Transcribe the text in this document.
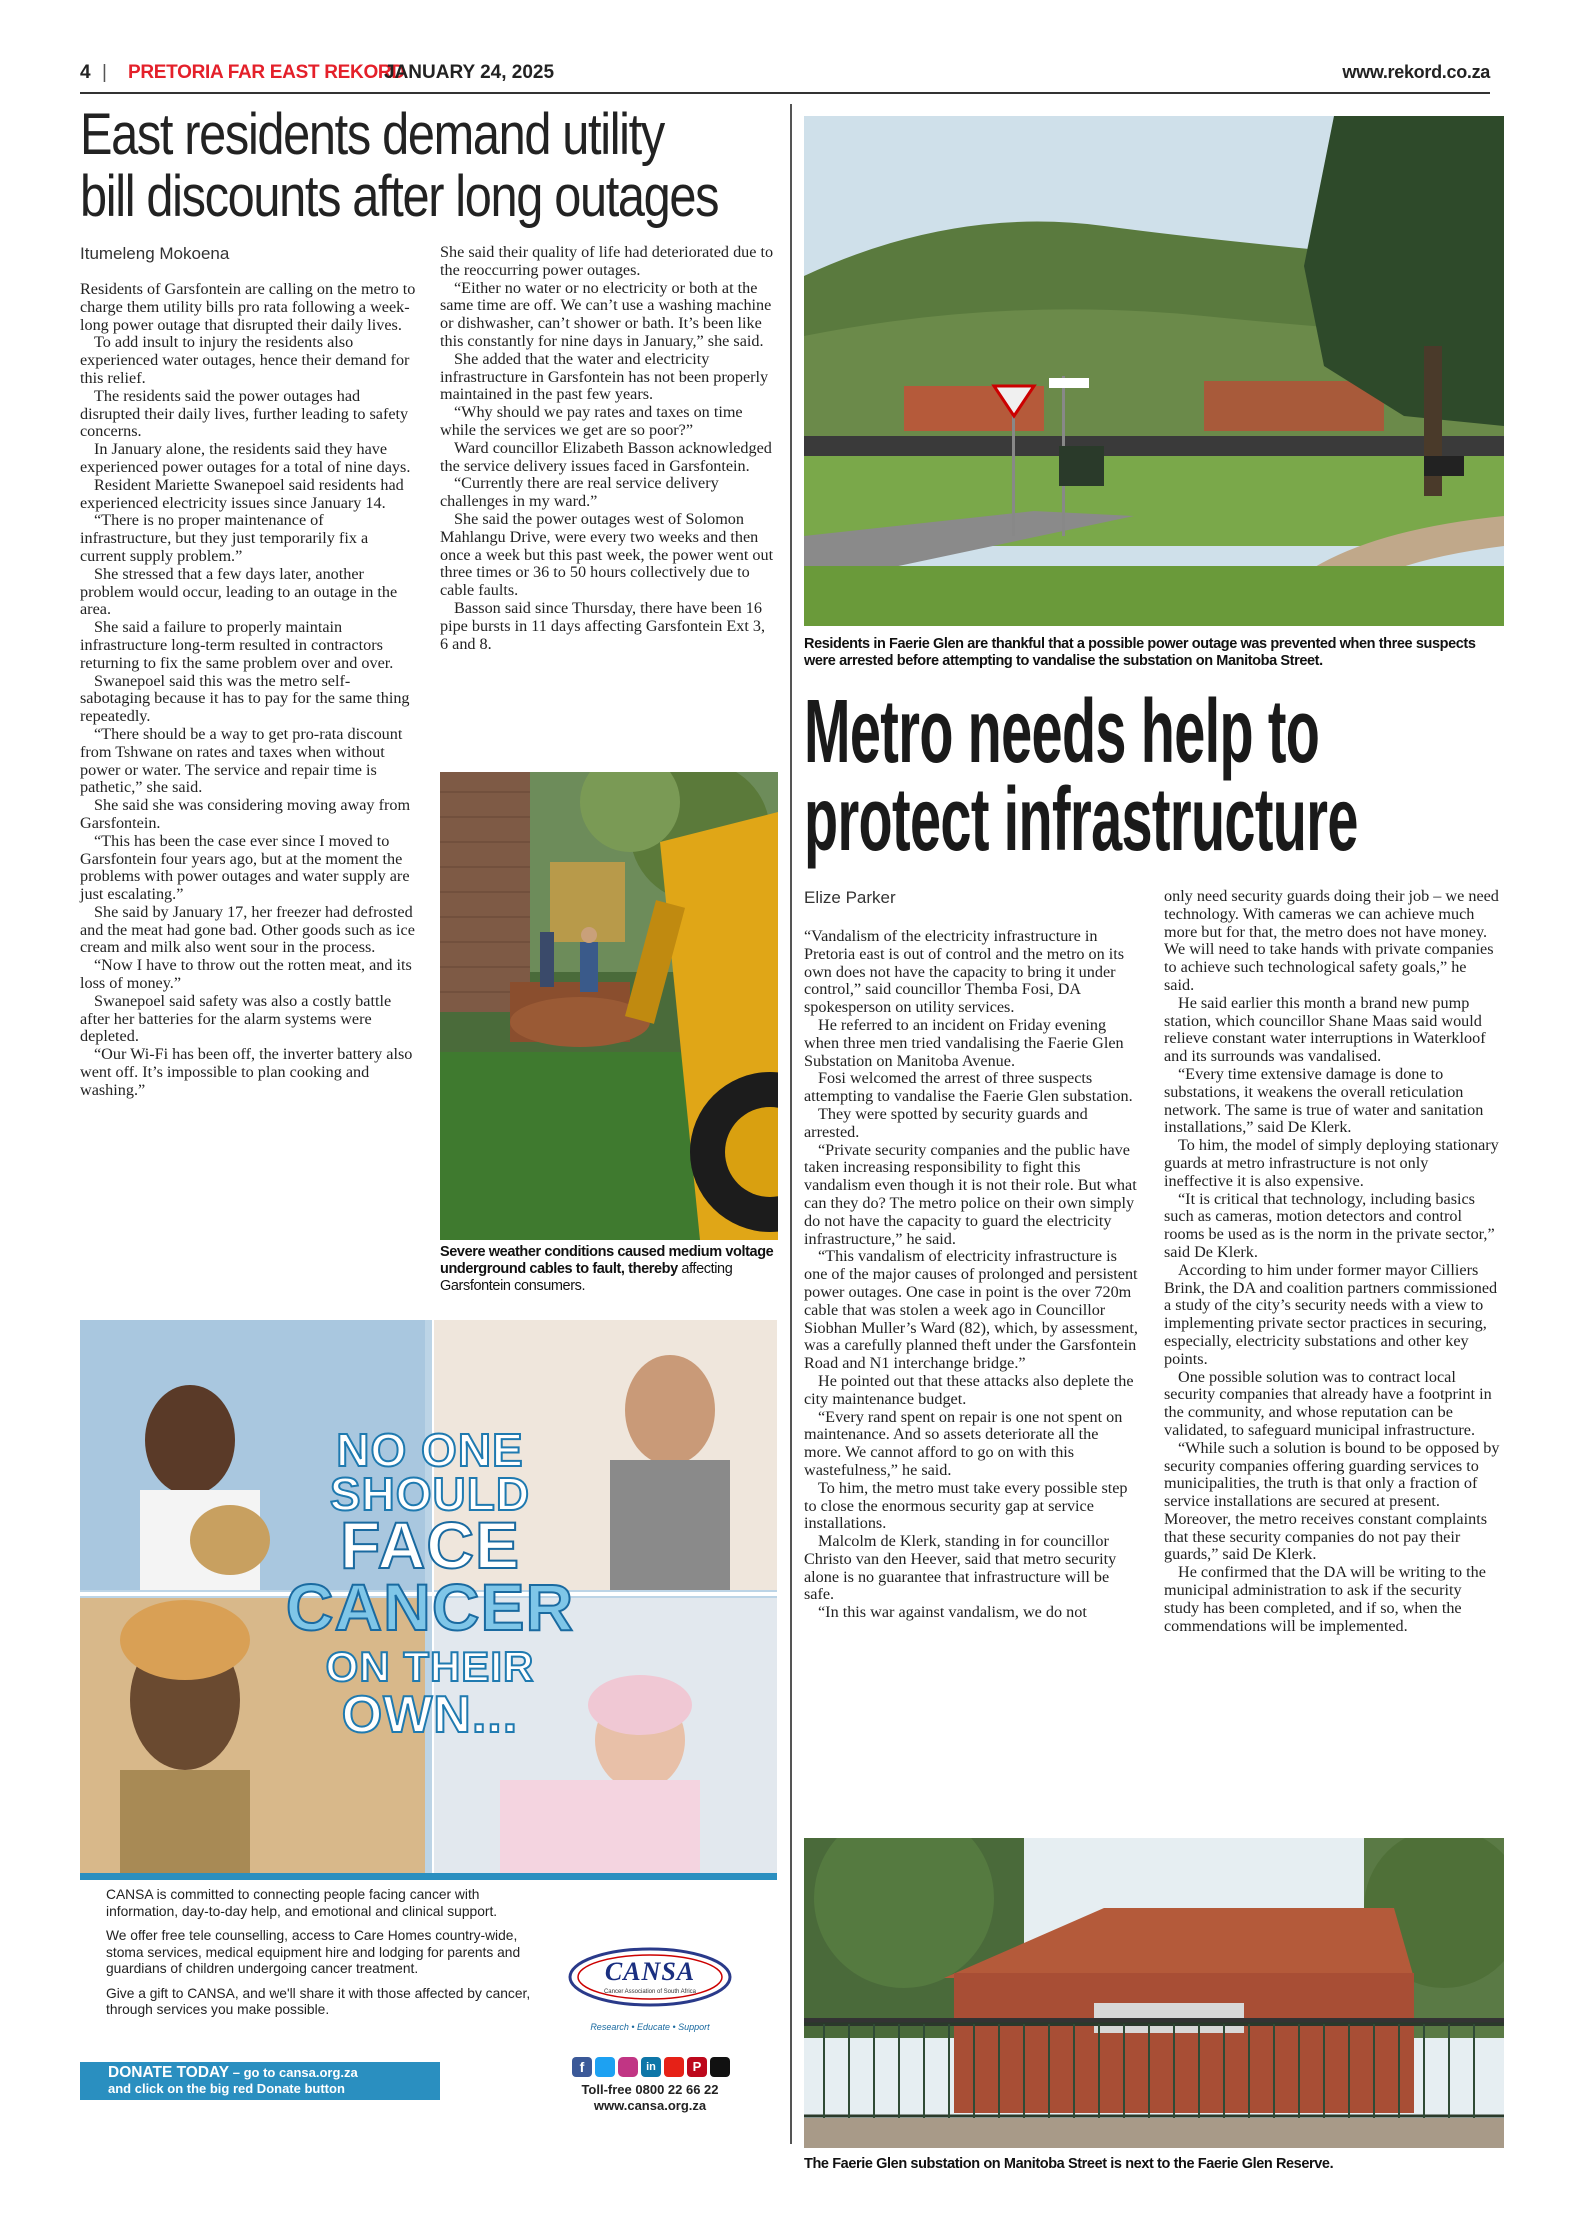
4 | PRETORIA FAR EAST REKORD
JANUARY 24, 2025	www.rekord.co.za
East residents demand utility
bill discounts after long outages
Itumeleng Mokoena

Residents of Garsfontein are calling on the metro to charge them utility bills pro rata following a week-long power outage that disrupted their daily lives.

To add insult to injury the residents also experienced water outages, hence their demand for this relief.

The residents said the power outages had disrupted their daily lives, further leading to safety concerns.

In January alone, the residents said they have experienced power outages for a total of nine days.

Resident Mariette Swanepoel said residents had experienced electricity issues since January 14.

“There is no proper maintenance of infrastructure, but they just temporarily fix a current supply problem.”

She stressed that a few days later, another problem would occur, leading to an outage in the area.

She said a failure to properly maintain infrastructure long-term resulted in contractors returning to fix the same problem over and over.

Swanepoel said this was the metro self-sabotaging because it has to pay for the same thing repeatedly.

“There should be a way to get pro-rata discount from Tshwane on rates and taxes when without power or water. The service and repair time is pathetic,” she said.

She said she was considering moving away from Garsfontein.

“This has been the case ever since I moved to Garsfontein four years ago, but at the moment the problems with power outages and water supply are just escalating.”

She said by January 17, her freezer had defrosted and the meat had gone bad. Other goods such as ice cream and milk also went sour in the process.

“Now I have to throw out the rotten meat, and its loss of money.”

Swanepoel said safety was also a costly battle after her batteries for the alarm systems were depleted.

“Our Wi-Fi has been off, the inverter battery also went off. It’s impossible to plan cooking and washing.”

She said their quality of life had deteriorated due to the reoccurring power outages.

“Either no water or no electricity or both at the same time are off. We can’t use a washing machine or dishwasher, can’t shower or bath. It’s been like this constantly for nine days in January,” she said.

She added that the water and electricity infrastructure in Garsfontein has not been properly maintained in the past few years.

“Why should we pay rates and taxes on time while the services we get are so poor?”

Ward councillor Elizabeth Basson acknowledged the service delivery issues faced in Garsfontein.

“Currently there are real service delivery challenges in my ward.”

She said the power outages west of Solomon Mahlangu Drive, were every two weeks and then once a week but this past week, the power went out three times or 36 to 50 hours collectively due to cable faults.

Basson said since Thursday, there have been 16 pipe bursts in 11 days affecting Garsfontein Ext 3, 6 and 8.

Severe weather conditions caused medium voltage underground cables to fault, thereby affecting Garsfontein consumers.
Residents in Faerie Glen are thankful that a possible power outage was prevented when three suspects were arrested before attempting to vandalise the substation on Manitoba Street.
Metro needs help to
protect infrastructure
Elize Parker

“Vandalism of the electricity infrastructure in Pretoria east is out of control and the metro on its own does not have the capacity to bring it under control,” said councillor Themba Fosi, DA spokesperson on utility services.

He referred to an incident on Friday evening when three men tried vandalising the Faerie Glen Substation on Manitoba Avenue.

Fosi welcomed the arrest of three suspects attempting to vandalise the Faerie Glen substation.

They were spotted by security guards and arrested.

“Private security companies and the public have taken increasing responsibility to fight this vandalism even though it is not their role. But what can they do? The metro police on their own simply do not have the capacity to guard the electricity infrastructure,” he said.

“This vandalism of electricity infrastructure is one of the major causes of prolonged and persistent power outages. One case in point is the over 720m cable that was stolen a week ago in Councillor Siobhan Muller’s Ward (82), which, by assessment, was a carefully planned theft under the Garsfontein Road and N1 interchange bridge.”

He pointed out that these attacks also deplete the city maintenance budget.

“Every rand spent on repair is one not spent on maintenance. And so assets deteriorate all the more. We cannot afford to go on with this wastefulness,” he said.

To him, the metro must take every possible step to close the enormous security gap at service installations.

Malcolm de Klerk, standing in for councillor Christo van den Heever, said that metro security alone is no guarantee that infrastructure will be safe.

“In this war against vandalism, we do not

only need security guards doing their job – we need technology. With cameras we can achieve much more but for that, the metro does not have money. We will need to take hands with private companies to achieve such technological safety goals,” he said.

He said earlier this month a brand new pump station, which councillor Shane Maas said would relieve constant water interruptions in Waterkloof and its surrounds was vandalised.

“Every time extensive damage is done to substations, it weakens the overall reticulation network. The same is true of water and sanitation installations,” said De Klerk.

To him, the model of simply deploying stationary guards at metro infrastructure is not only ineffective it is also expensive.

“It is critical that technology, including basics such as cameras, motion detectors and control rooms be used as is the norm in the private sector,” said De Klerk.

According to him under former mayor Cilliers Brink, the DA and coalition partners commissioned a study of the city’s security needs with a view to implementing private sector practices in securing, especially, electricity substations and other key points.

One possible solution was to contract local security companies that already have a footprint in the community, and whose reputation can be validated, to safeguard municipal infrastructure.

“While such a solution is bound to be opposed by security companies offering guarding services to municipalities, the truth is that only a fraction of service installations are secured at present. Moreover, the metro receives constant complaints that these security companies do not pay their guards,” said De Klerk.

He confirmed that the DA will be writing to the municipal administration to ask if the security study has been completed, and if so, when the commendations will be implemented.

The Faerie Glen substation on Manitoba Street is next to the Faerie Glen Reserve.
NO ONE
SHOULD
FACE
CANCER
ON THEIR
OWN...

CANSA is committed to connecting people facing cancer with information, day-to-day help, and emotional and clinical support.

We offer free tele counselling, access to Care Homes country-wide, stoma services, medical equipment hire and lodging for parents and guardians of children undergoing cancer treatment.

Give a gift to CANSA, and we'll share it with those affected by cancer, through services you make possible.

DONATE TODAY – go to cansa.org.za
and click on the big red Donate button
CANSA
Cancer Association of South Africa
Research • Educate • Support
f	in	P
Toll-free 0800 22 66 22
www.cansa.org.za
